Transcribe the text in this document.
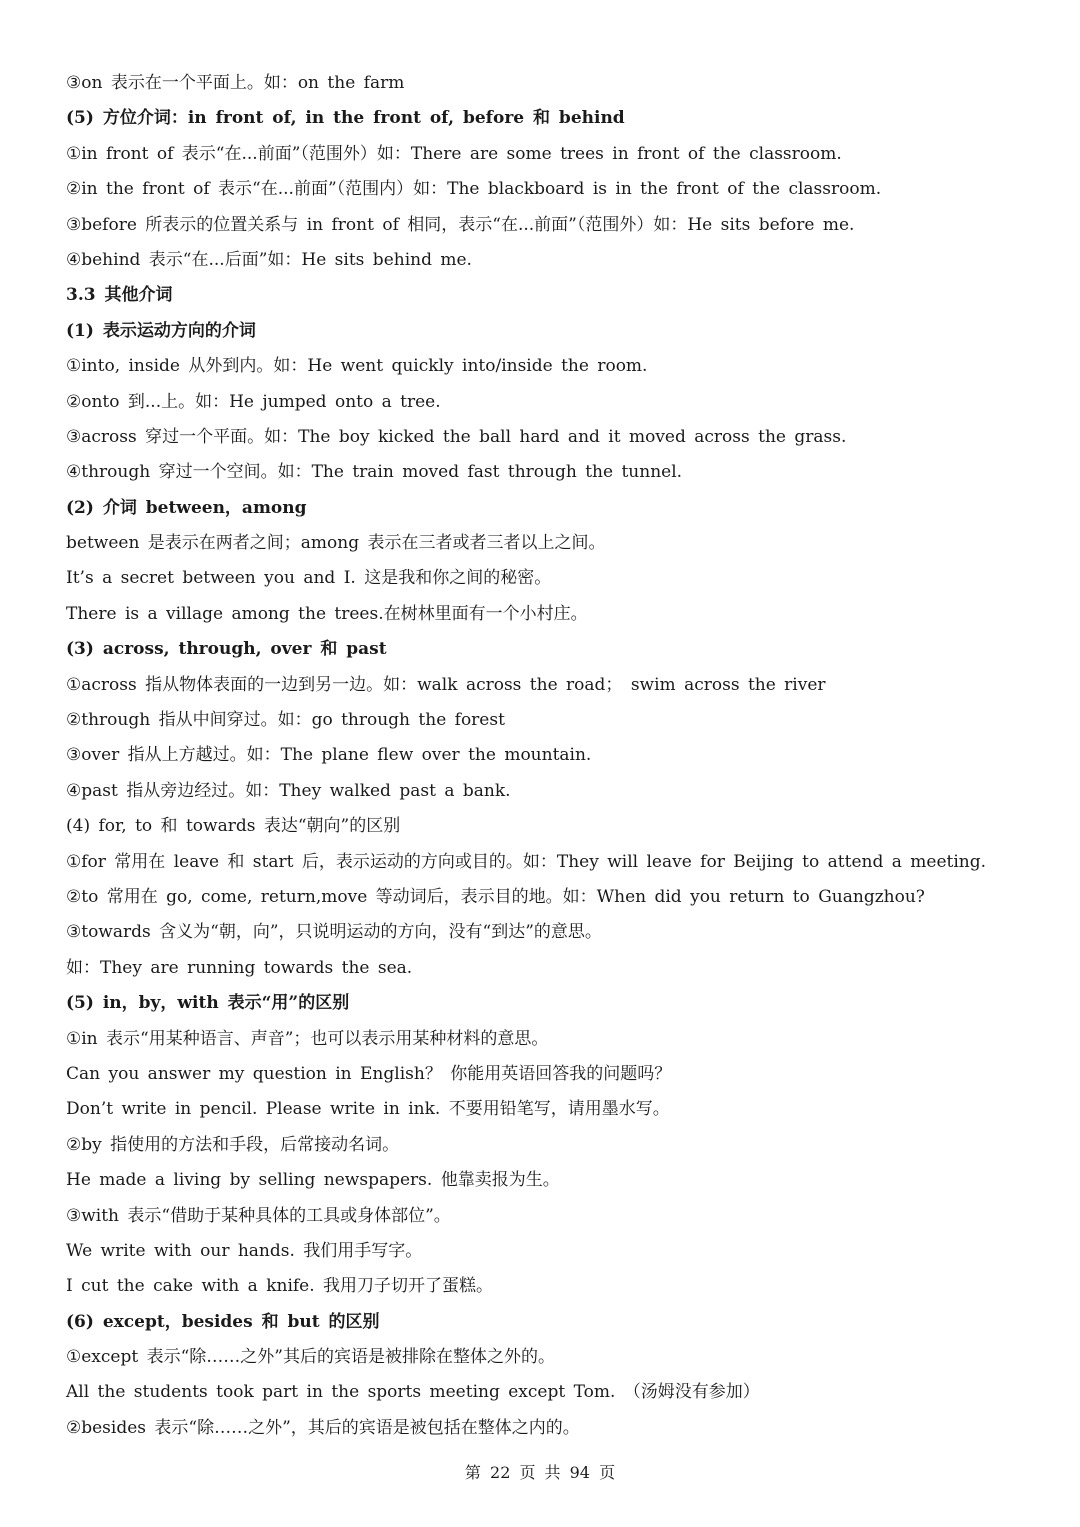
③on 表示在一个平面上。如：on the farm
(5) 方位介词：in front of, in the front of, before 和 behind
①in front of 表示“在...前面”（范围外）如：There are some trees in front of the classroom.
②in the front of 表示“在...前面”（范围内）如：The blackboard is in the front of the classroom.
③before 所表示的位置关系与 in front of 相同，表示“在...前面”（范围外）如：He sits before me.
④behind 表示“在...后面”如：He sits behind me.
3.3 其他介词
(1) 表示运动方向的介词
①into, inside 从外到内。如：He went quickly into/inside the room.
②onto 到...上。如：He jumped onto a tree.
③across 穿过一个平面。如：The boy kicked the ball hard and it moved across the grass.
④through 穿过一个空间。如：The train moved fast through the tunnel.
(2) 介词 between，among
between 是表示在两者之间；among 表示在三者或者三者以上之间。
It’s a secret between you and I. 这是我和你之间的秘密。
There is a village among the trees.在树林里面有一个小村庄。
(3) across, through, over 和 past
①across 指从物体表面的一边到另一边。如：walk across the road； swim across the river
②through 指从中间穿过。如：go through the forest
③over 指从上方越过。如：The plane flew over the mountain.
④past 指从旁边经过。如：They walked past a bank.
(4) for, to 和 towards 表达“朝向”的区别
①for 常用在 leave 和 start 后，表示运动的方向或目的。如：They will leave for Beijing to attend a meeting.
②to 常用在 go, come, return,move 等动词后，表示目的地。如：When did you return to Guangzhou?
③towards 含义为“朝，向”，只说明运动的方向，没有“到达”的意思。
如：They are running towards the sea.
(5) in，by，with 表示“用”的区别
①in 表示“用某种语言、声音”；也可以表示用某种材料的意思。
Can you answer my question in English？ 你能用英语回答我的问题吗？
Don’t write in pencil. Please write in ink. 不要用铅笔写，请用墨水写。
②by 指使用的方法和手段，后常接动名词。
He made a living by selling newspapers. 他靠卖报为生。
③with 表示“借助于某种具体的工具或身体部位”。
We write with our hands. 我们用手写字。
I cut the cake with a knife. 我用刀子切开了蛋糕。
(6) except，besides 和 but 的区别
①except 表示“除……之外”其后的宾语是被排除在整体之外的。
All the students took part in the sports meeting except Tom. （汤姆没有参加）
②besides 表示“除……之外”，其后的宾语是被包括在整体之内的。
第 22 页 共 94 页
